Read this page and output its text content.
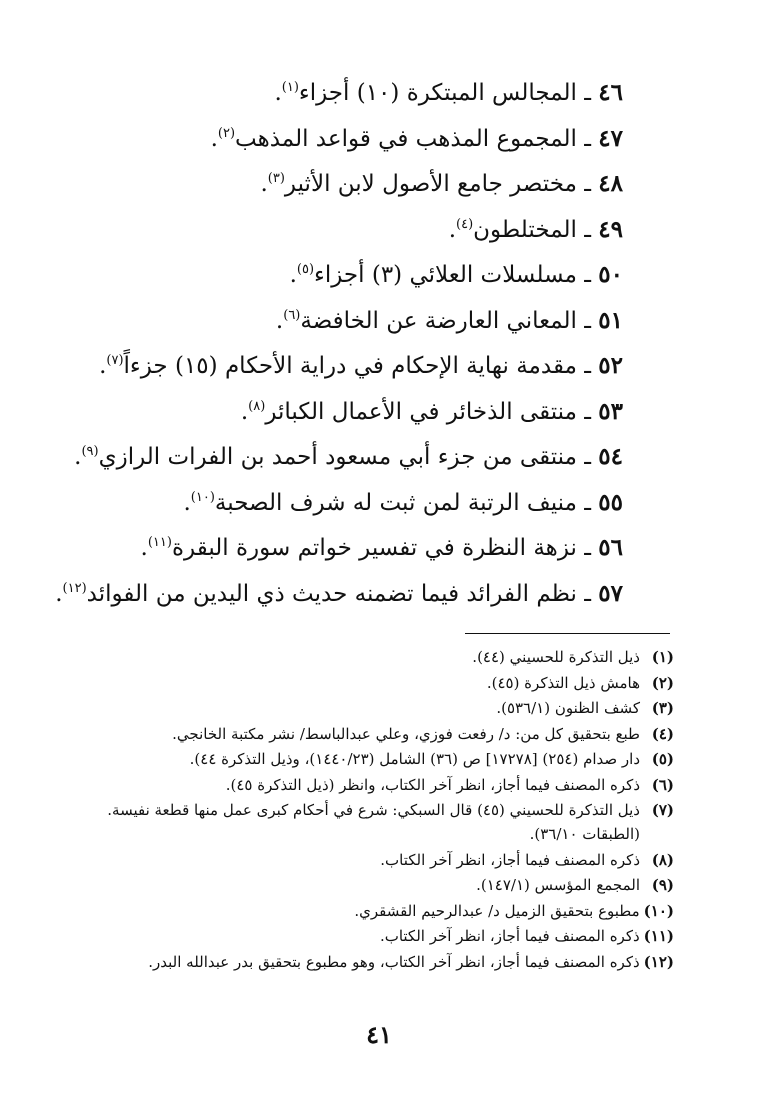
٤٦ ـ المجالس المبتكرة (١٠) أجزاء$^{(١)}$.
٤٧ ـ المجموع المذهب في قواعد المذهب$^{(٢)}$.
٤٨ ـ مختصر جامع الأصول لابن الأثير$^{(٣)}$.
٤٩ ـ المختلطون$^{(٤)}$.
٥٠ ـ مسلسلات العلائي (٣) أجزاء$^{(٥)}$.
٥١ ـ المعاني العارضة عن الخافضة$^{(٦)}$.
٥٢ ـ مقدمة نهاية الإحكام في دراية الأحكام (١٥) جزءاً$^{(٧)}$.
٥٣ ـ منتقى الذخائر في الأعمال الكبائر$^{(٨)}$.
٥٤ ـ منتقى من جزء أبي مسعود أحمد بن الفرات الرازي$^{(٩)}$.
٥٥ ـ منيف الرتبة لمن ثبت له شرف الصحبة$^{(١٠)}$.
٥٦ ـ نزهة النظرة في تفسير خواتم سورة البقرة$^{(١١)}$.
٥٧ ـ نظم الفرائد فيما تضمنه حديث ذي اليدين من الفوائد$^{(١٢)}$.
(١)
ذيل التذكرة للحسيني (٤٤).
(٢)
هامش ذيل التذكرة (٤٥).
(٣)
كشف الظنون (٥٣٦/١).
(٤)
طبع بتحقيق كل من: د/ رفعت فوزي، وعلي عبدالباسط/ نشر مكتبة الخانجي.
(٥)
دار صدام (٢٥٤) [١٧٢٧٨] ص (٣٦) الشامل (١٤٤٠/٢٣)، وذيل التذكرة ٤٤).
(٦)
ذكره المصنف فيما أجاز، انظر آخر الكتاب، وانظر (ذيل التذكرة ٤٥).
(٧)
ذيل التذكرة للحسيني (٤٥) قال السبكي: شرع في أحكام كبرى عمل منها قطعة نفيسة. (الطبقات ٣٦/١٠).
(٨)
ذكره المصنف فيما أجاز، انظر آخر الكتاب.
(٩)
المجمع المؤسس (١٤٧/١).
(١٠)
مطبوع بتحقيق الزميل د/ عبدالرحيم القشقري.
(١١)
ذكره المصنف فيما أجاز، انظر آخر الكتاب.
(١٢)
ذكره المصنف فيما أجاز، انظر آخر الكتاب، وهو مطبوع بتحقيق بدر عبدالله البدر.
٤١
